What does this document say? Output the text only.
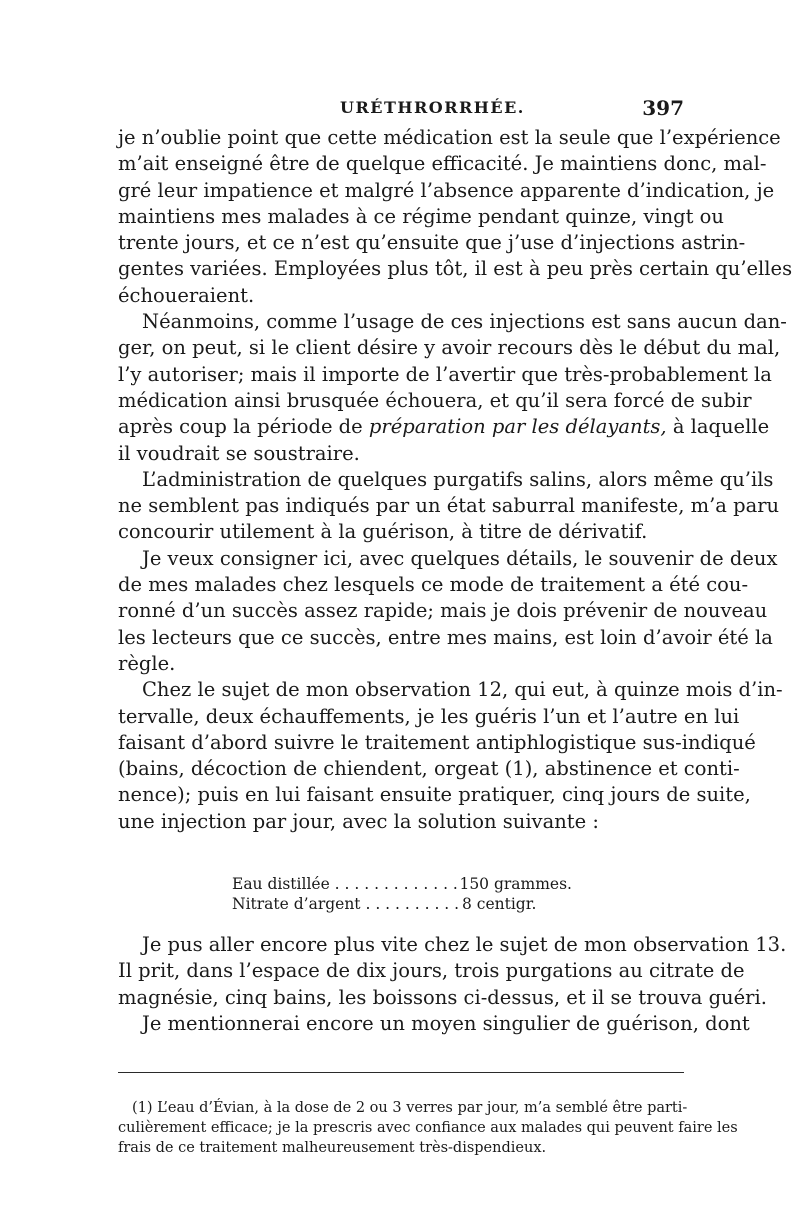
URÉTHRORRHÉE.	397
je n’oublie point que cette médication est la seule que l’expérience
m’ait enseigné être de quelque efficacité. Je maintiens donc, mal-
gré leur impatience et malgré l’absence apparente d’indication, je
maintiens mes malades à ce régime pendant quinze, vingt ou
trente jours, et ce n’est qu’ensuite que j’use d’injections astrin-
gentes variées. Employées plus tôt, il est à peu près certain qu’elles
échoueraient.
Néanmoins, comme l’usage de ces injections est sans aucun dan-
ger, on peut, si le client désire y avoir recours dès le début du mal,
l’y autoriser; mais il importe de l’avertir que très-probablement la
médication ainsi brusquée échouera, et qu’il sera forcé de subir
après coup la période de préparation par les délayants, à laquelle
il voudrait se soustraire.
L’administration de quelques purgatifs salins, alors même qu’ils
ne semblent pas indiqués par un état saburral manifeste, m’a paru
concourir utilement à la guérison, à titre de dérivatif.
Je veux consigner ici, avec quelques détails, le souvenir de deux
de mes malades chez lesquels ce mode de traitement a été cou-
ronné d’un succès assez rapide; mais je dois prévenir de nouveau
les lecteurs que ce succès, entre mes mains, est loin d’avoir été la
règle.
Chez le sujet de mon observation 12, qui eut, à quinze mois d’in-
tervalle, deux échauffements, je les guéris l’un et l’autre en lui
faisant d’abord suivre le traitement antiphlogistique sus-indiqué
(bains, décoction de chiendent, orgeat (1), abstinence et conti-
nence); puis en lui faisant ensuite pratiquer, cinq jours de suite,
une injection par jour, avec la solution suivante :
Eau distillée . . .	150 grammes.
Nitrate d’argent . . .	8 centigr.
Je pus aller encore plus vite chez le sujet de mon observation 13.
Il prit, dans l’espace de dix jours, trois purgations au citrate de
magnésie, cinq bains, les boissons ci-dessus, et il se trouva guéri.
Je mentionnerai encore un moyen singulier de guérison, dont
(1) L’eau d’Évian, à la dose de 2 ou 3 verres par jour, m’a semblé être parti-
culièrement efficace; je la prescris avec confiance aux malades qui peuvent faire les
frais de ce traitement malheureusement très-dispendieux.
